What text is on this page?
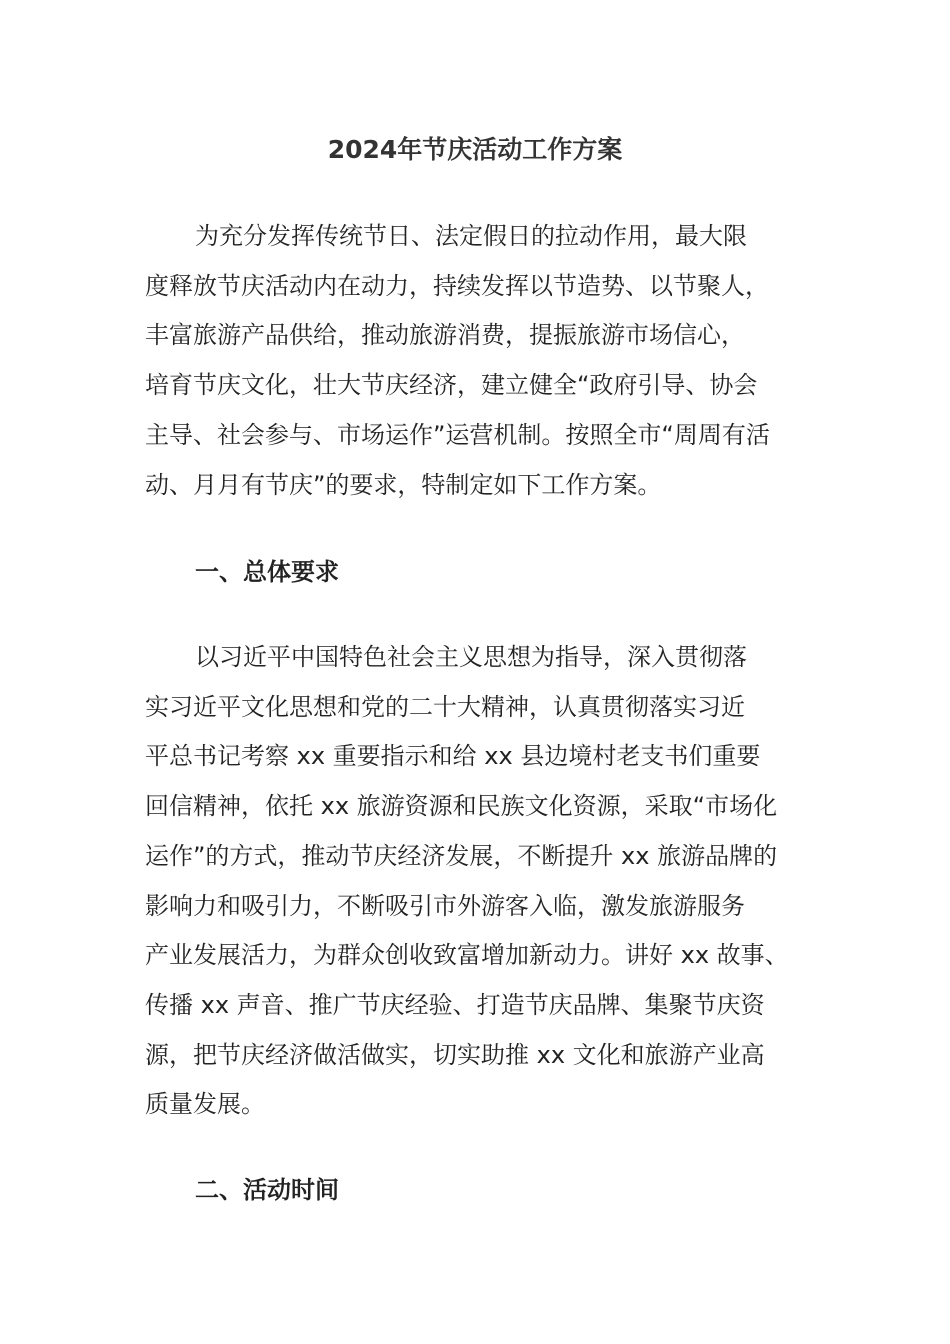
2024年节庆活动工作方案

为充分发挥传统节日、法定假日的拉动作用，最大限
度释放节庆活动内在动力，持续发挥以节造势、以节聚人，
丰富旅游产品供给，推动旅游消费，提振旅游市场信心，
培育节庆文化，壮大节庆经济，建立健全“政府引导、协会
主导、社会参与、市场运作”运营机制。按照全市“周周有活
动、月月有节庆”的要求，特制定如下工作方案。

一、总体要求

以习近平中国特色社会主义思想为指导，深入贯彻落
实习近平文化思想和党的二十大精神，认真贯彻落实习近
平总书记考察 xx 重要指示和给 xx 县边境村老支书们重要
回信精神，依托 xx 旅游资源和民族文化资源，采取“市场化
运作”的方式，推动节庆经济发展，不断提升 xx 旅游品牌的
影响力和吸引力，不断吸引市外游客入临，激发旅游服务
产业发展活力，为群众创收致富增加新动力。讲好 xx 故事、
传播 xx 声音、推广节庆经验、打造节庆品牌、集聚节庆资
源，把节庆经济做活做实，切实助推 xx 文化和旅游产业高
质量发展。

二、活动时间
